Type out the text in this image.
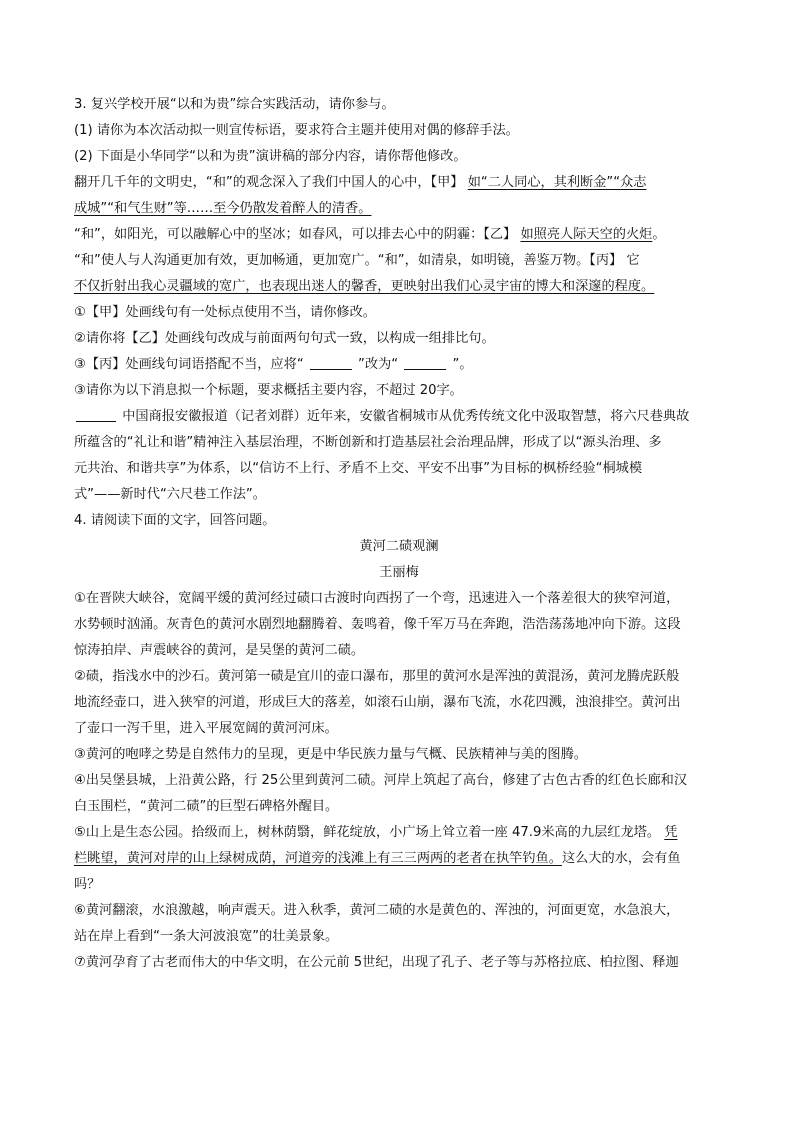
3. 复兴学校开展“以和为贵”综合实践活动，请你参与。
(1) 请你为本次活动拟一则宣传标语，要求符合主题并使用对偶的修辞手法。
(2) 下面是小华同学“以和为贵”演讲稿的部分内容，请你帮他修改。
翻开几千年的文明史，“和”的观念深入了我们中国人的心中，【甲】 如“二人同心，其利断金”“众志
成城”“和气生财”等……至今仍散发着醉人的清香。
“和”，如阳光，可以融解心中的坚冰；如春风，可以排去心中的阴霾：【乙】 如照亮人际天空的火炬。
“和”使人与人沟通更加有效，更加畅通，更加宽广。“和”，如清泉，如明镜，善鉴万物。【丙】 它
不仅折射出我心灵疆域的宽广，也表现出迷人的馨香，更映射出我们心灵宇宙的博大和深邃的程度。
①【甲】处画线句有一处标点使用不当，请你修改。
②请你将【乙】处画线句改成与前面两句句式一致，以构成一组排比句。
③【丙】处画线句词语搭配不当，应将“	”改为“	”。
③请你为以下消息拟一个标题，要求概括主要内容，不超过 20字。
中国商报安徽报道（记者刘群）近年来，安徽省桐城市从优秀传统文化中汲取智慧，将六尺巷典故
所蕴含的“礼让和谐”精神注入基层治理，不断创新和打造基层社会治理品牌，形成了以“源头治理、多
元共治、和谐共享”为体系，以“信访不上行、矛盾不上交、平安不出事”为目标的枫桥经验“桐城模
式”——新时代“六尺巷工作法”。
4. 请阅读下面的文字，回答问题。
黄河二碛观澜
王丽梅
①在晋陕大峡谷，宽阔平缓的黄河经过碛口古渡时向西拐了一个弯，迅速进入一个落差很大的狭窄河道，
水势顿时汹涌。灰青色的黄河水剧烈地翻腾着、轰鸣着，像千军万马在奔跑，浩浩荡荡地冲向下游。这段
惊涛拍岸、声震峡谷的黄河，是吴堡的黄河二碛。
②碛，指浅水中的沙石。黄河第一碛是宜川的壶口瀑布，那里的黄河水是浑浊的黄混汤，黄河龙腾虎跃般
地流经壶口，进入狭窄的河道，形成巨大的落差，如滚石山崩，瀑布飞流，水花四溅，浊浪排空。黄河出
了壶口一泻千里，进入平展宽阔的黄河河床。
③黄河的咆哮之势是自然伟力的呈现，更是中华民族力量与气概、民族精神与美的图腾。
④出吴堡县城，上沿黄公路，行 25公里到黄河二碛。河岸上筑起了高台，修建了古色古香的红色长廊和汉
白玉围栏，“黄河二碛”的巨型石碑格外醒目。
⑤山上是生态公园。拾级而上，树林荫翳，鲜花绽放，小广场上耸立着一座 47.9米高的九层红龙塔。 凭
栏眺望，黄河对岸的山上绿树成荫，河道旁的浅滩上有三三两两的老者在执竿钓鱼。这么大的水，会有鱼
吗？
⑥黄河翻滚，水浪激越，响声震天。进入秋季，黄河二碛的水是黄色的、浑浊的，河面更宽，水急浪大，
站在岸上看到“一条大河波浪宽”的壮美景象。
⑦黄河孕育了古老而伟大的中华文明，在公元前 5世纪，出现了孔子、老子等与苏格拉底、柏拉图、释迦
